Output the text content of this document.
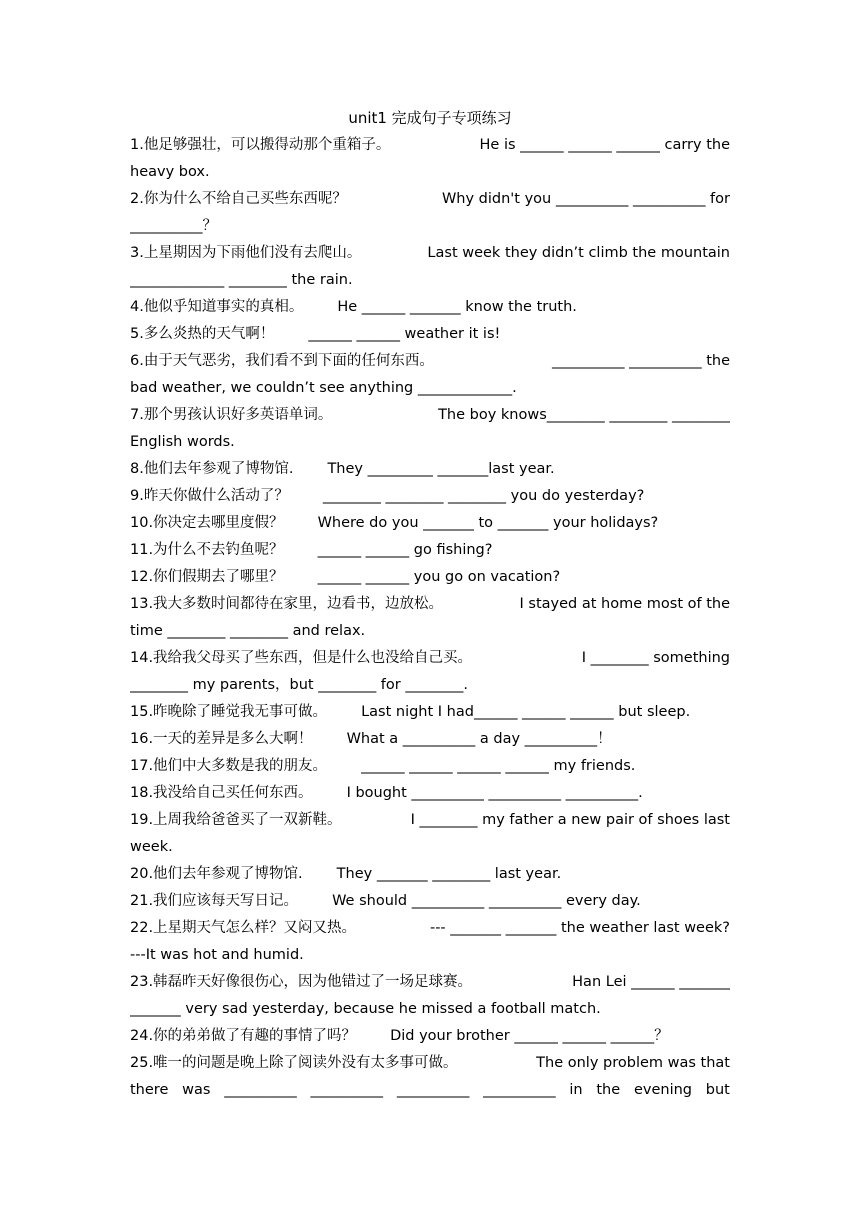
unit1 完成句子专项练习
1.他足够强壮，可以搬得动那个重箱子。	He is ______ ______ ______ carry the
heavy box.
2.你为什么不给自己买些东西呢？	Why didn't you __________ __________ for
__________？
3.上星期因为下雨他们没有去爬山。	Last week they didn’t climb the mountain
_____________ ________ the rain.
4.他似乎知道事实的真相。 He ______ _______ know the truth.
5.多么炎热的天气啊！ ______ ______ weather it is!
6.由于天气恶劣，我们看不到下面的任何东西。	__________ __________ the
bad weather, we couldn’t see anything _____________.
7.那个男孩认识好多英语单词。	The boy knows________ ________ ________
English words.
8.他们去年参观了博物馆. They _________ _______last year.
9.昨天你做什么活动了？ ________ ________ ________ you do yesterday?
10.你决定去哪里度假？ Where do you _______ to _______ your holidays?
11.为什么不去钓鱼呢？ ______ ______ go fishing?
12.你们假期去了哪里？ ______ ______ you go on vacation?
13.我大多数时间都待在家里，边看书，边放松。	I stayed at home most of the
time ________ ________ and relax.
14.我给我父母买了些东西，但是什么也没给自己买。	I ________ something
________ my parents，but ________ for ________.
15.昨晚除了睡觉我无事可做。 Last night I had______ ______ ______ but sleep.
16.一天的差异是多么大啊！ What a __________ a day __________！
17.他们中大多数是我的朋友。 ______ ______ ______ ______ my friends.
18.我没给自己买任何东西。 I bought __________ __________ __________.
19.上周我给爸爸买了一双新鞋。	I ________ my father a new pair of shoes last
week.
20.他们去年参观了博物馆. They _______ ________ last year.
21.我们应该每天写日记。 We should __________ __________ every day.
22.上星期天气怎么样？又闷又热。	--- _______ _______ the weather last week?
---It was hot and humid.
23.韩磊昨天好像很伤心，因为他错过了一场足球赛。	Han Lei ______ _______
_______ very sad yesterday, because he missed a football match.
24.你的弟弟做了有趣的事情了吗？ Did your brother ______ ______ ______？
25.唯一的问题是晚上除了阅读外没有太多事可做。	The only problem was that
there was __________ __________ __________ __________ in the evening but
